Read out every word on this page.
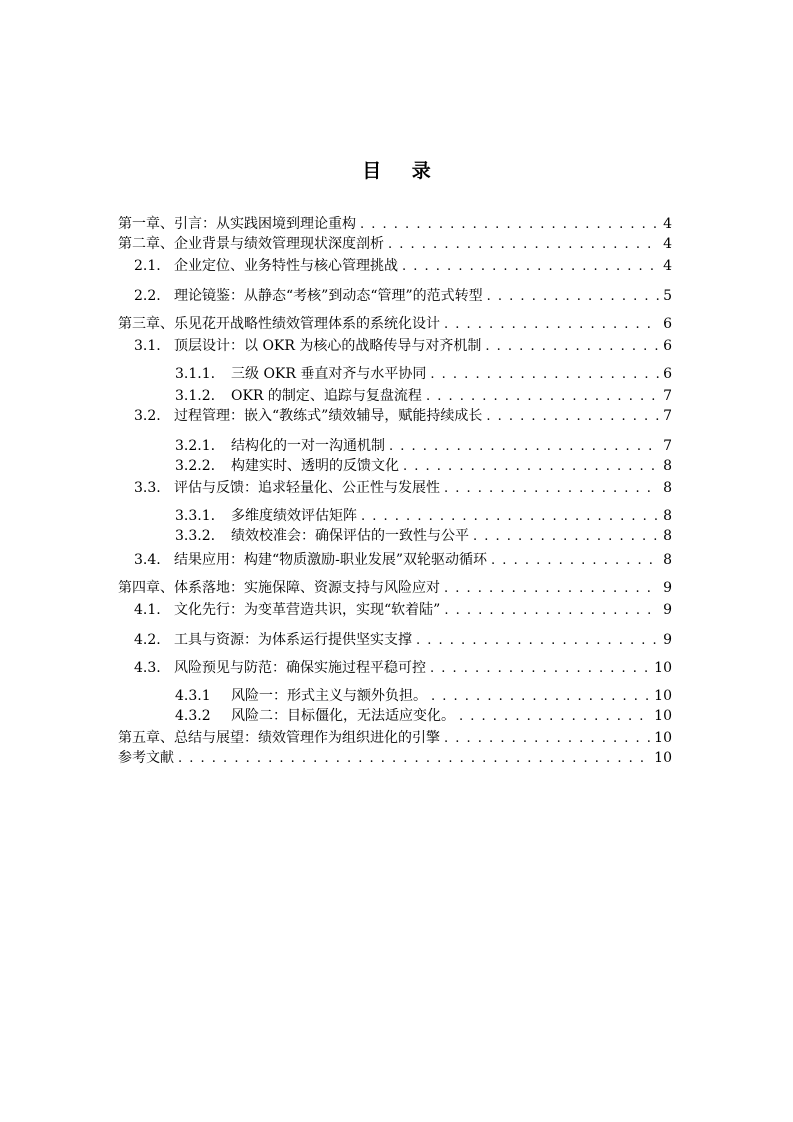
目 录
第一章、引言：从实践困境到理论重构 . . .	4
第二章、企业背景与绩效管理现状深度剖析 . . .	4
2.1. 企业定位、业务特性与核心管理挑战 . . .	4
2.2. 理论镜鉴：从静态“考核”到动态“管理”的范式转型 . . .	5
第三章、乐见花开战略性绩效管理体系的系统化设计 . . .	6
3.1. 顶层设计：以 OKR 为核心的战略传导与对齐机制 . . .	6
3.1.1.	三级 OKR 垂直对齐与水平协同 . . .	6
3.1.2.	OKR 的制定、追踪与复盘流程 . . .	7
3.2. 过程管理：嵌入“教练式”绩效辅导，赋能持续成长 . . .	7
3.2.1.	结构化的一对一沟通机制 . . .	7
3.2.2.	构建实时、透明的反馈文化 . . .	8
3.3. 评估与反馈：追求轻量化、公正性与发展性 . . .	8
3.3.1.	多维度绩效评估矩阵 . . .	8
3.3.2.	绩效校准会：确保评估的一致性与公平 . . .	8
3.4. 结果应用：构建“物质激励-职业发展”双轮驱动循环 . . .	8
第四章、体系落地：实施保障、资源支持与风险应对 . . .	9
4.1. 文化先行：为变革营造共识，实现“软着陆” . . .	9
4.2. 工具与资源：为体系运行提供坚实支撑 . . .	9
4.3. 风险预见与防范：确保实施过程平稳可控 . . .	10
4.3.1	风险一：形式主义与额外负担。 . . .	10
4.3.2	风险二：目标僵化，无法适应变化。 . . .	10
第五章、总结与展望：绩效管理作为组织进化的引擎 . . .	10
参考文献 . . .	10
